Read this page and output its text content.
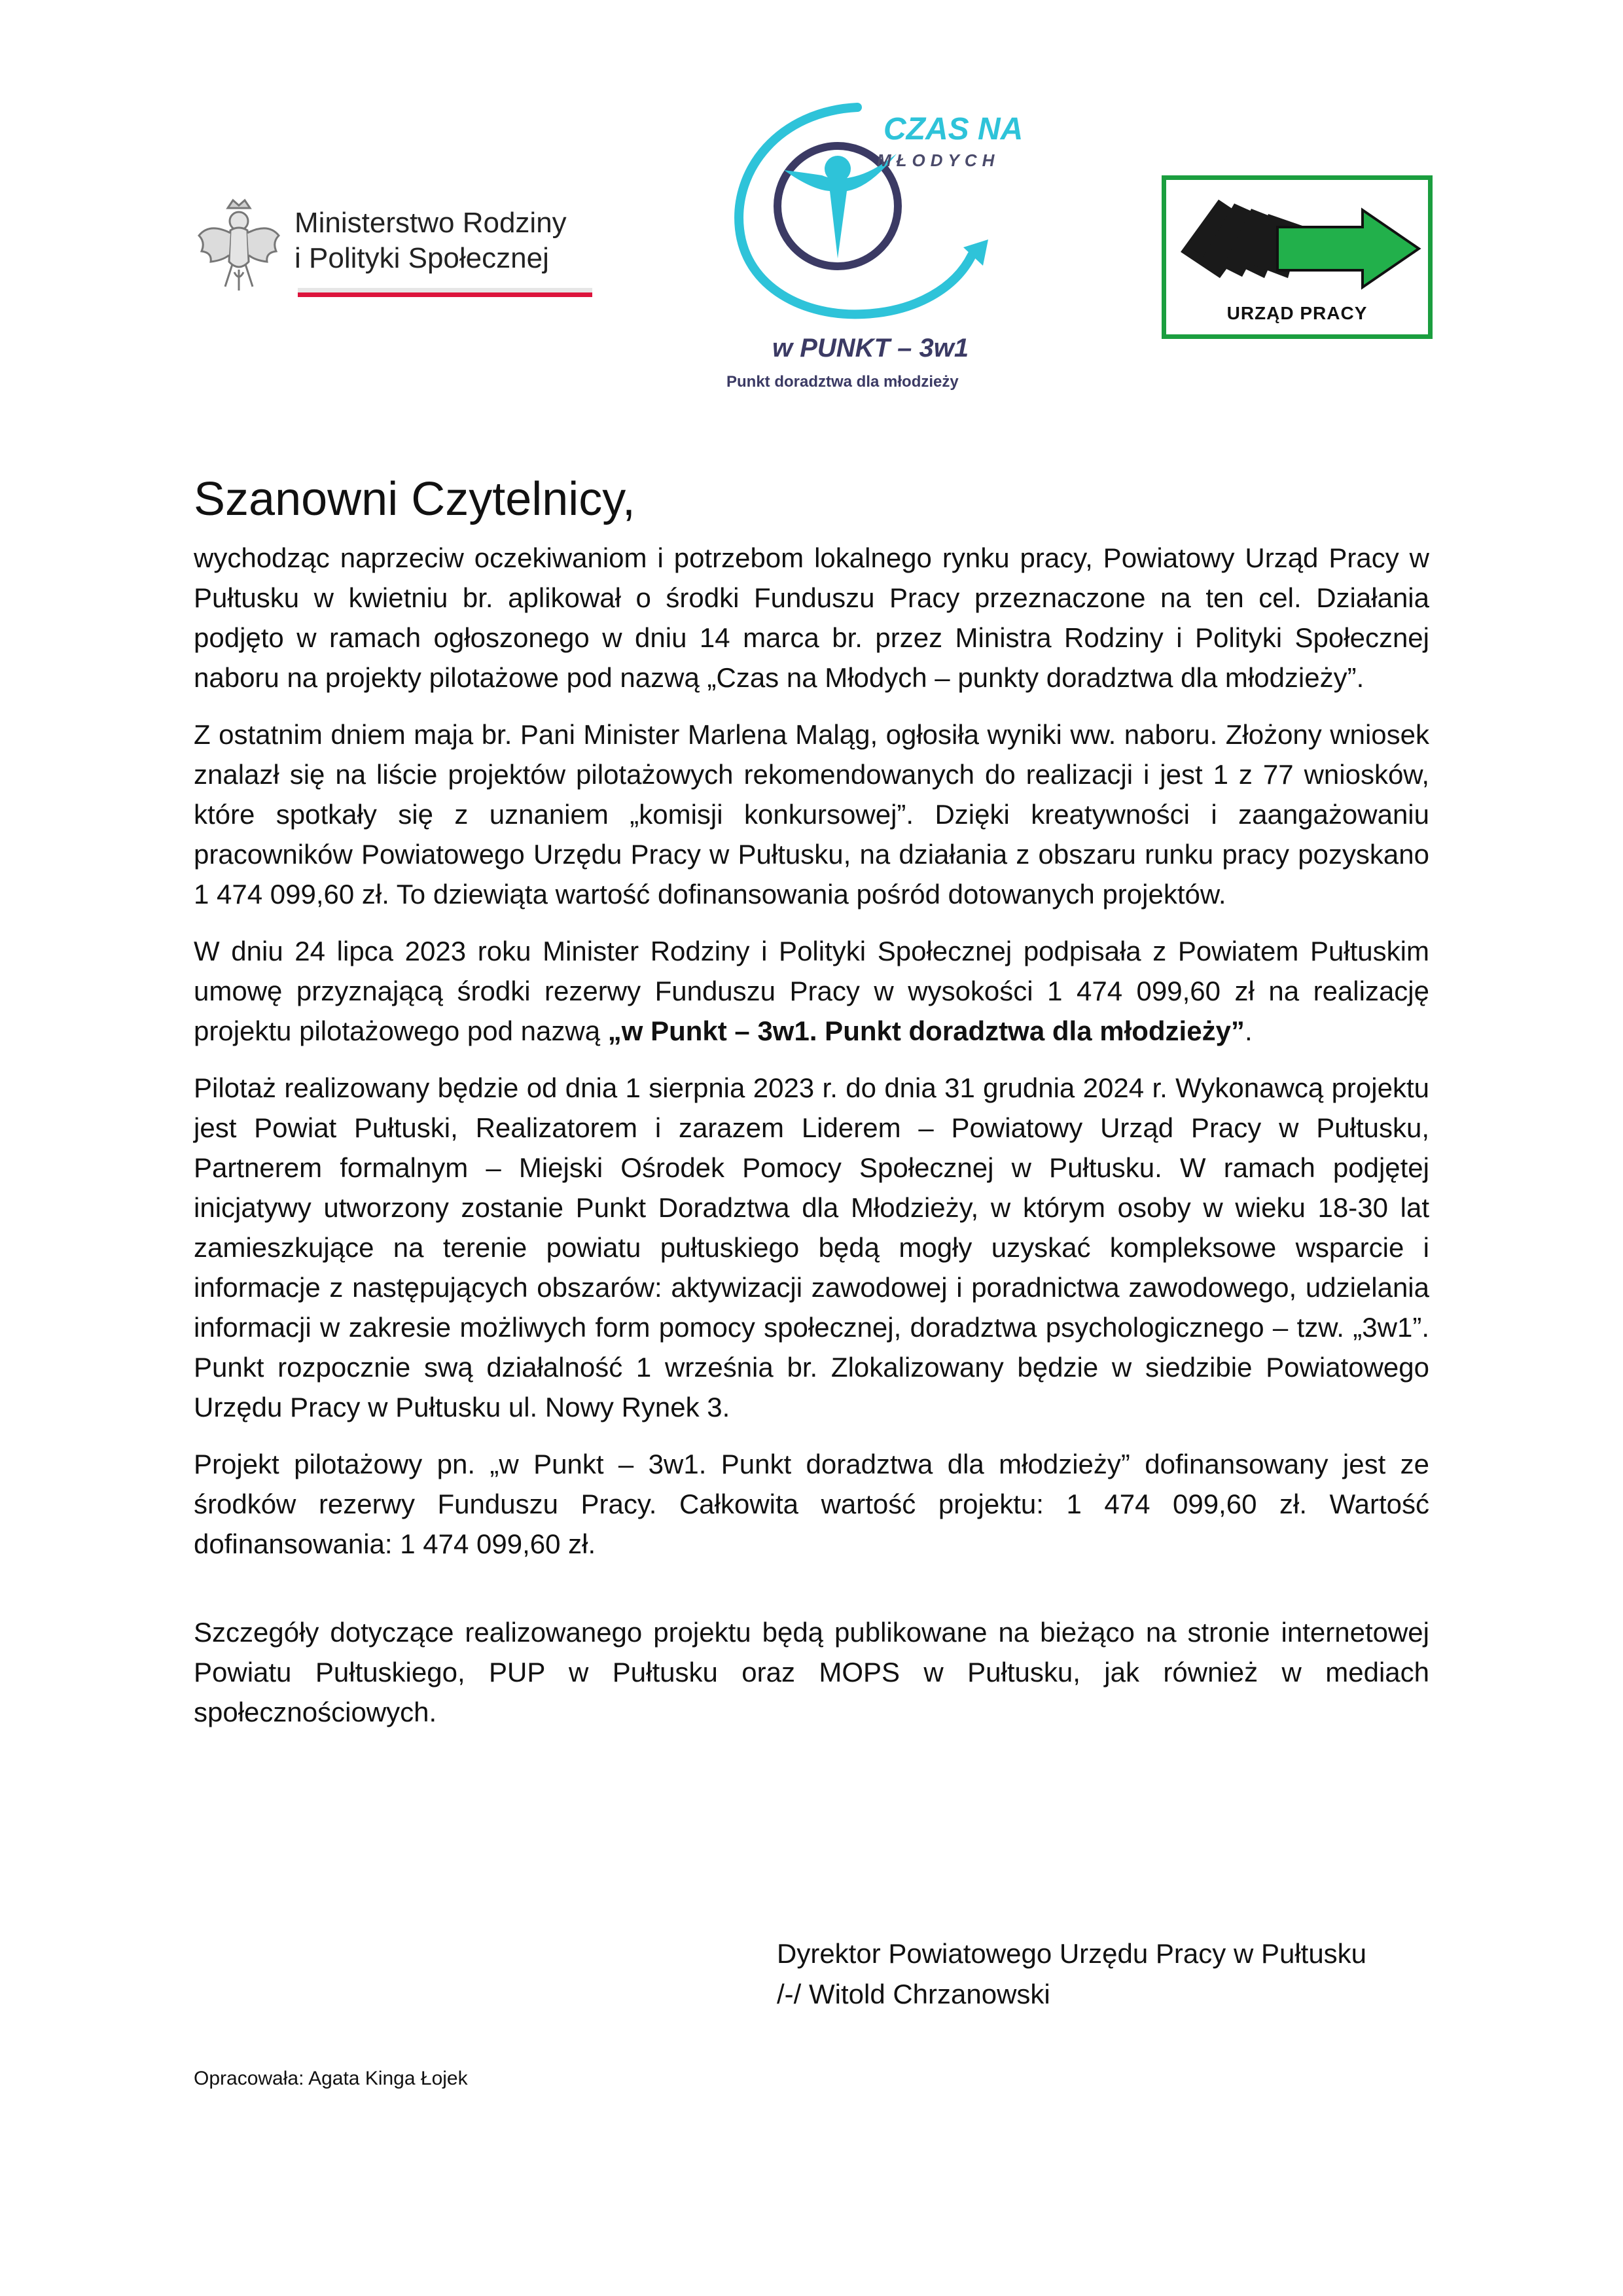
Ministerstwo Rodziny
i Polityki Społecznej
CZAS NA
MŁODYCH
w PUNKT – 3w1
Punkt doradztwa dla młodzieży
URZĄD PRACY
Szanowni Czytelnicy,

wychodząc naprzeciw oczekiwaniom i potrzebom lokalnego rynku pracy, Powiatowy Urząd Pracy w Pułtusku w kwietniu br. aplikował o środki Funduszu Pracy przeznaczone na ten cel. Działania podjęto w ramach ogłoszonego w dniu 14 marca br. przez Ministra Rodziny i Polityki Społecznej naboru na projekty pilotażowe pod nazwą „Czas na Młodych – punkty doradztwa dla młodzieży”.

Z ostatnim dniem maja br. Pani Minister Marlena Maląg, ogłosiła wyniki ww. naboru. Złożony wniosek znalazł się na liście projektów pilotażowych rekomendowanych do realizacji i jest 1 z 77 wniosków, które spotkały się z uznaniem „komisji konkursowej”. Dzięki kreatywności i zaangażowaniu pracowników Powiatowego Urzędu Pracy w Pułtusku, na działania z obszaru runku pracy pozyskano 1 474 099,60 zł. To dziewiąta wartość dofinansowania pośród dotowanych projektów.

W dniu 24 lipca 2023 roku Minister Rodziny i Polityki Społecznej podpisała z Powiatem Pułtuskim umowę przyznającą środki rezerwy Funduszu Pracy w wysokości 1 474 099,60 zł na realizację projektu pilotażowego pod nazwą „w Punkt – 3w1. Punkt doradztwa dla młodzieży”.

Pilotaż realizowany będzie od dnia 1 sierpnia 2023 r. do dnia 31 grudnia 2024 r. Wykonawcą projektu jest Powiat Pułtuski, Realizatorem i zarazem Liderem – Powiatowy Urząd Pracy w Pułtusku, Partnerem formalnym – Miejski Ośrodek Pomocy Społecznej w Pułtusku. W ramach podjętej inicjatywy utworzony zostanie Punkt Doradztwa dla Młodzieży, w którym osoby w wieku 18-30 lat zamieszkujące na terenie powiatu pułtuskiego będą mogły uzyskać kompleksowe wsparcie i informacje z następujących obszarów: aktywizacji zawodowej i poradnictwa zawodowego, udzielania informacji w zakresie możliwych form pomocy społecznej, doradztwa psychologicznego – tzw. „3w1”. Punkt rozpocznie swą działalność 1 września br. Zlokalizowany będzie w siedzibie Powiatowego Urzędu Pracy w Pułtusku ul. Nowy Rynek 3.

Projekt pilotażowy pn. „w Punkt – 3w1. Punkt doradztwa dla młodzieży” dofinansowany jest ze środków rezerwy Funduszu Pracy. Całkowita wartość projektu: 1 474 099,60 zł. Wartość dofinansowania: 1 474 099,60 zł.

Szczegóły dotyczące realizowanego projektu będą publikowane na bieżąco na stronie internetowej Powiatu Pułtuskiego, PUP w Pułtusku oraz MOPS w Pułtusku, jak również w mediach społecznościowych.

Dyrektor Powiatowego Urzędu Pracy w Pułtusku
/-/ Witold Chrzanowski
Opracowała: Agata Kinga Łojek
